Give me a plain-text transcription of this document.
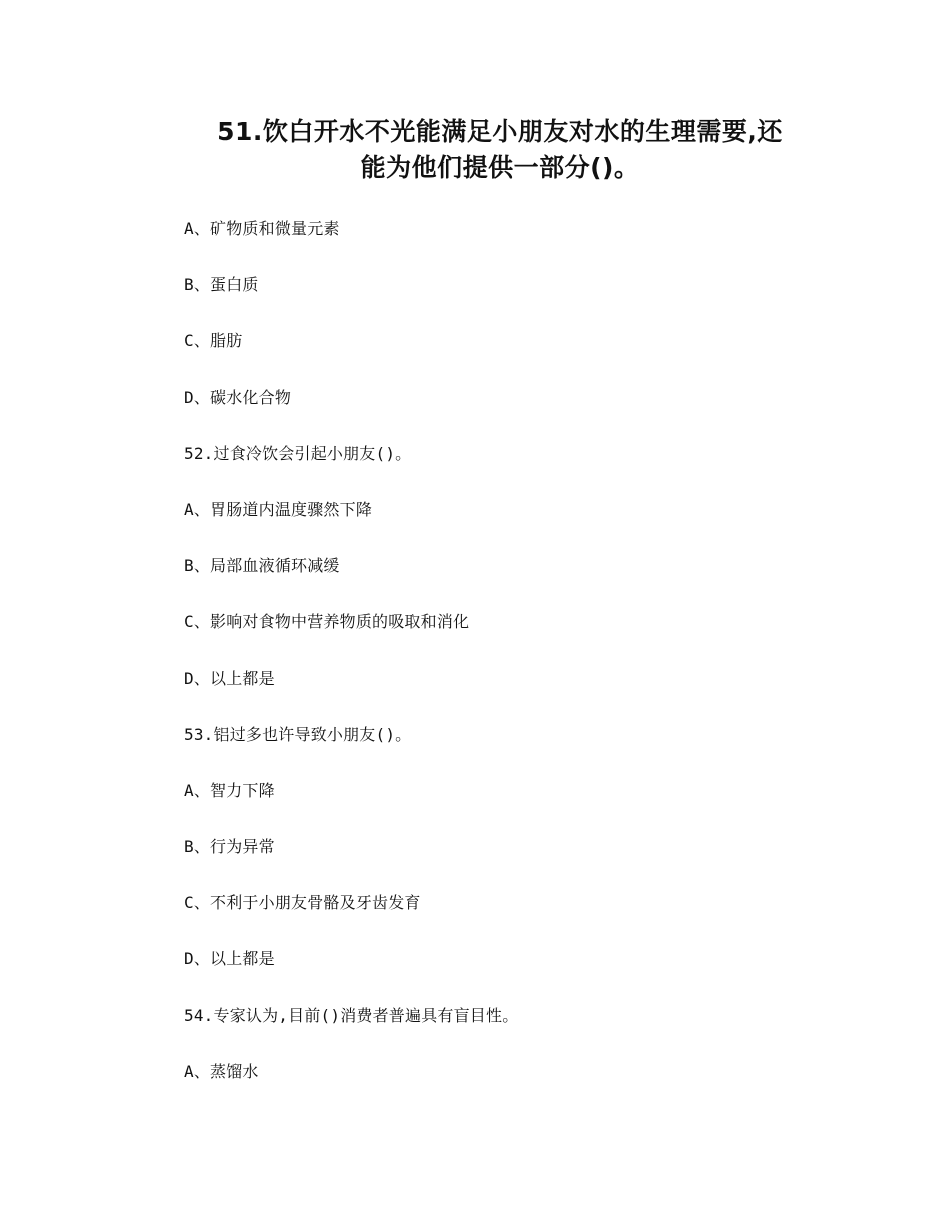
51.饮白开水不光能满足小朋友对水的生理需要,还
能为他们提供一部分()。
A、矿物质和微量元素
B、蛋白质
C、脂肪
D、碳水化合物
52.过食冷饮会引起小朋友()。
A、胃肠道内温度骤然下降
B、局部血液循环减缓
C、影响对食物中营养物质的吸取和消化
D、以上都是
53.铝过多也许导致小朋友()。
A、智力下降
B、行为异常
C、不利于小朋友骨骼及牙齿发育
D、以上都是
54.专家认为,目前()消费者普遍具有盲目性。
A、蒸馏水
